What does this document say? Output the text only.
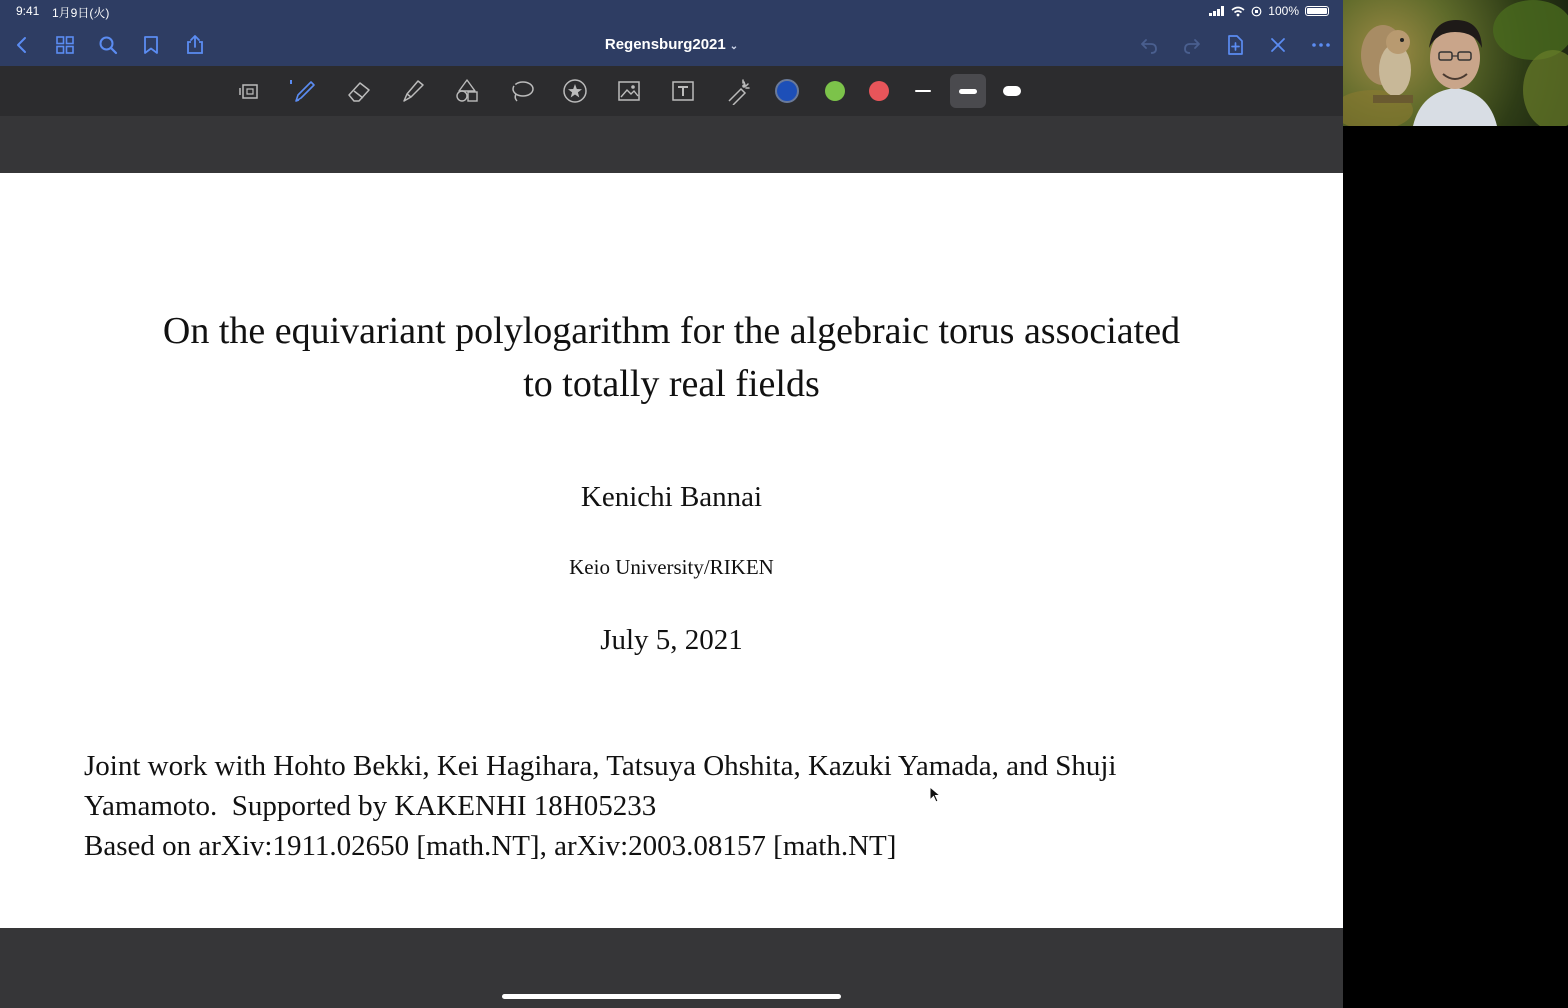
9:41 1月9日(火)	100%
Regensburg2021 ⌄
On the equivariant polylogarithm for the algebraic torus associated
to totally real fields
Kenichi Bannai
Keio University/RIKEN
July 5, 2021

Joint work with Hohto Bekki, Kei Hagihara, Tatsuya Ohshita, Kazuki Yamada, and Shuji

Yamamoto.  Supported by KAKENHI 18H05233

Based on arXiv:1911.02650 [math.NT], arXiv:2003.08157 [math.NT]
